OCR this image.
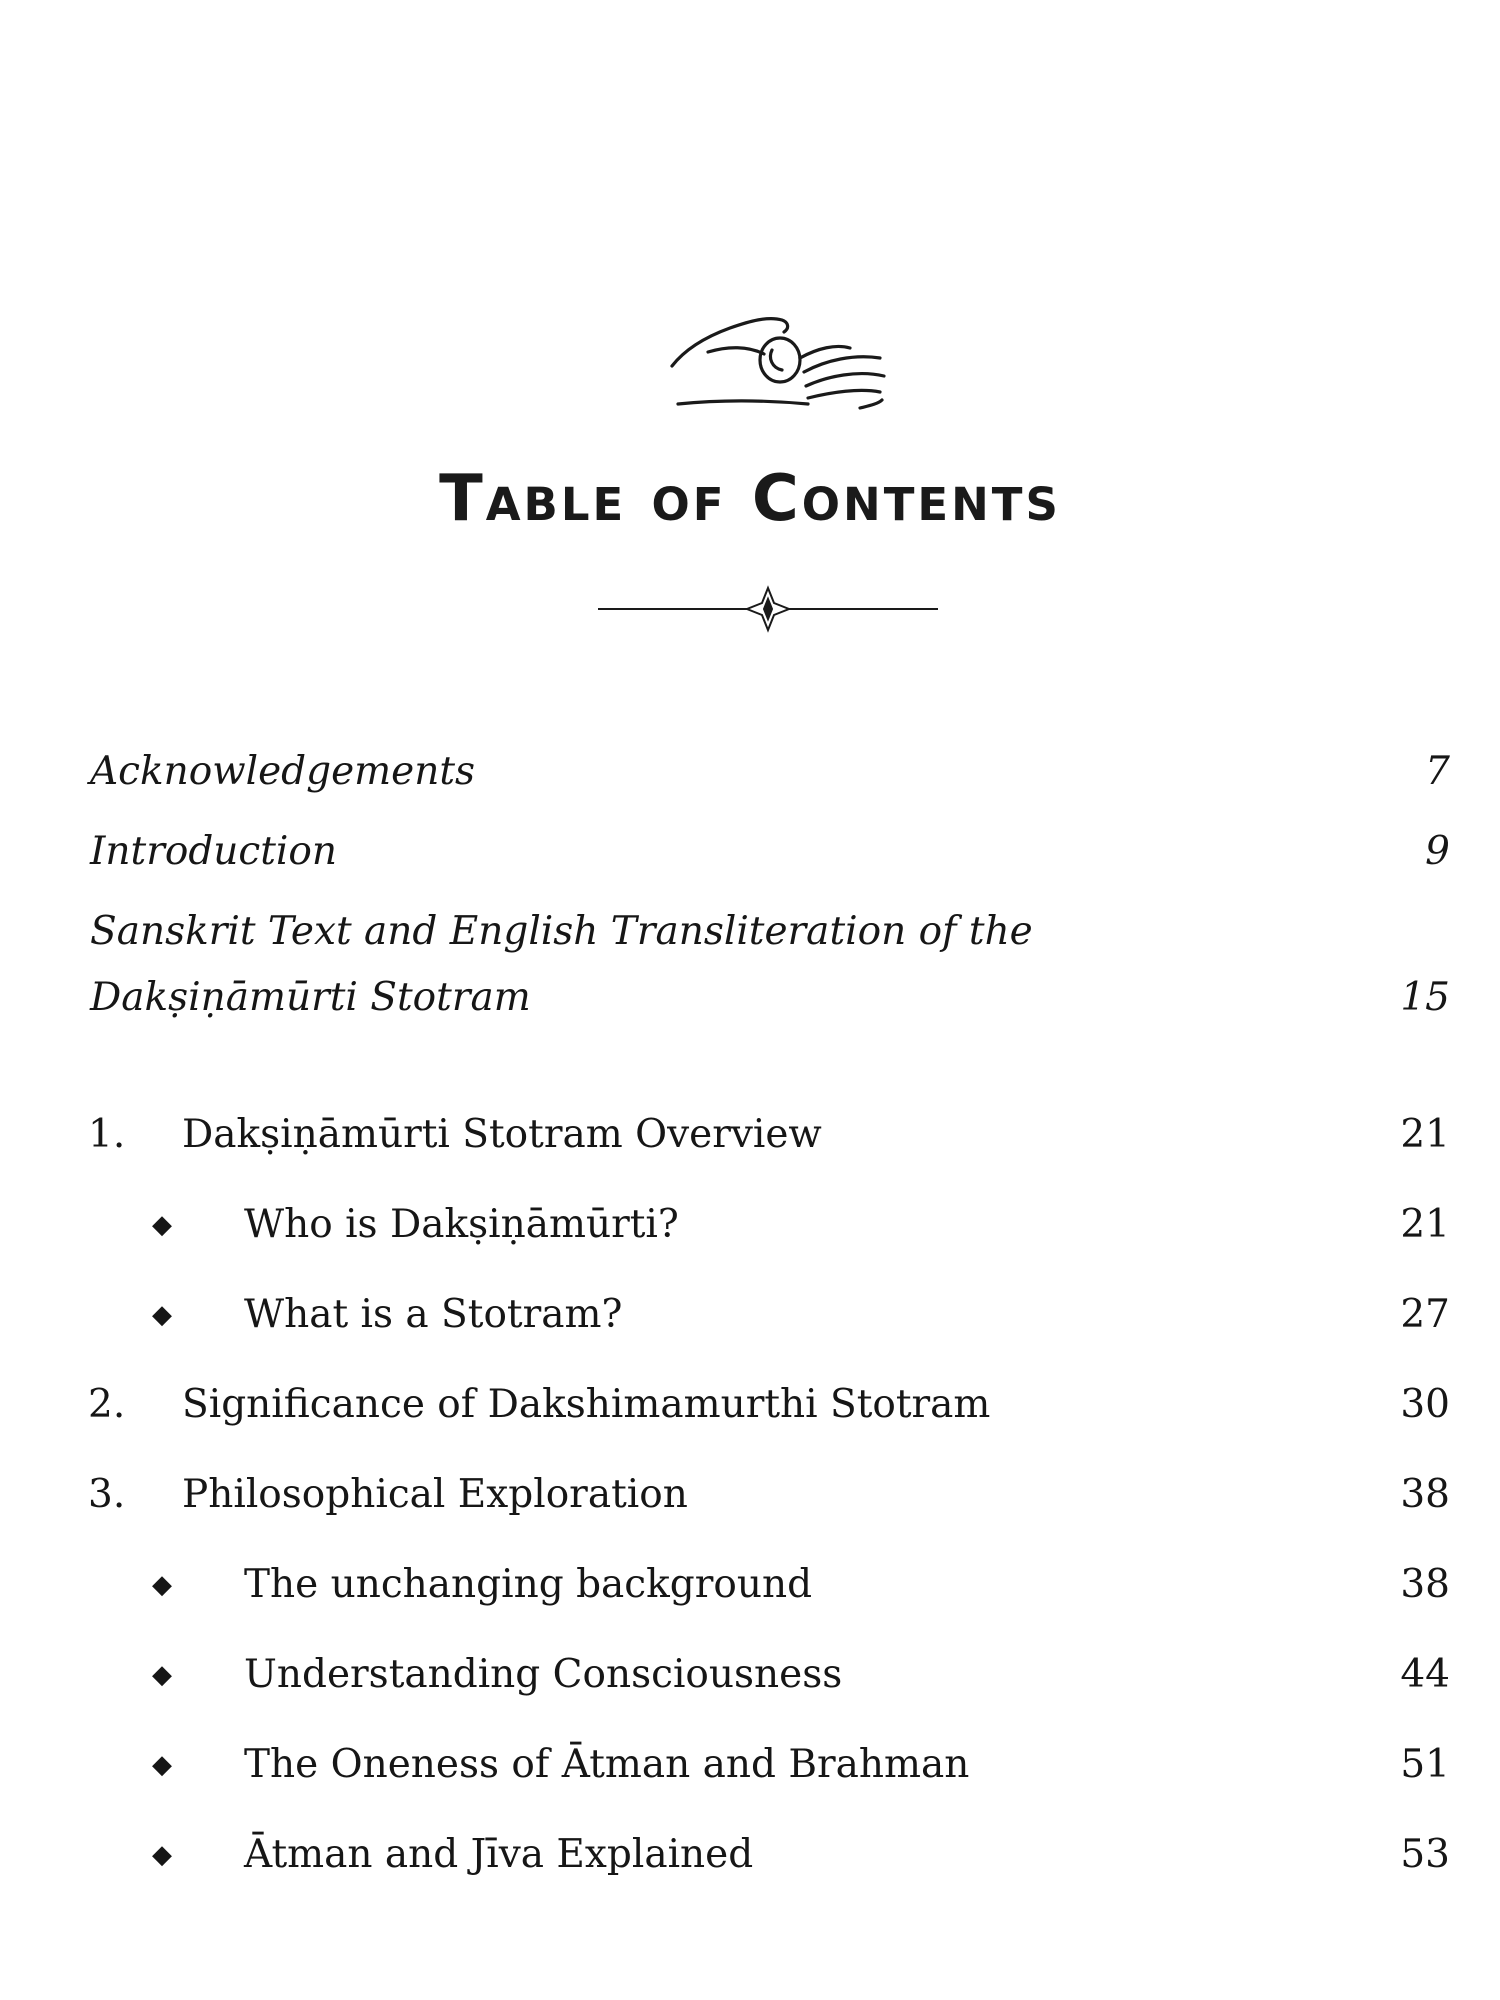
Table of Contents
Acknowledgements	7
Introduction	9
Sanskrit Text and English Transliteration of the
Dakṣiṇāmūrti Stotram	15
1. Dakṣiṇāmūrti Stotram Overview	21
◆ Who is Dakṣiṇāmūrti?	21
◆ What is a Stotram?	27
2. Significance of Dakshimamurthi Stotram	30
3. Philosophical Exploration	38
◆ The unchanging background	38
◆ Understanding Consciousness	44
◆ The Oneness of Ātman and Brahman	51
◆ Ātman and Jīva Explained	53
